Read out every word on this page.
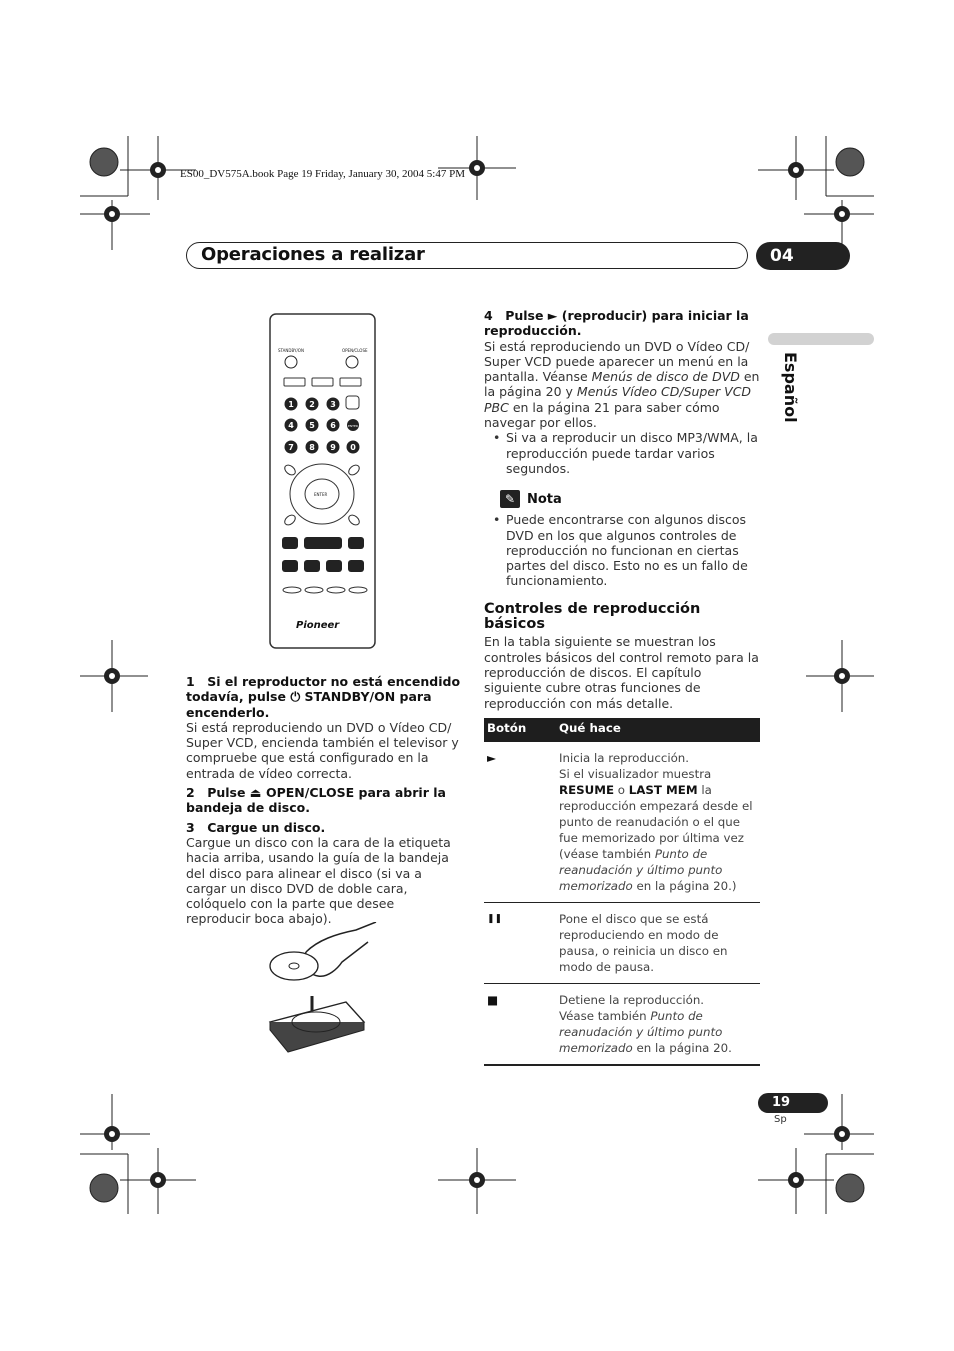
ES00_DV575A.book Page 19 Friday, January 30, 2004 5:47 PM
Operaciones a realizar	04
Español
STANDBY/ON	OPEN/CLOSE
1 2 3
4 5 6
7 8 9 0
ENTER
ENTER
Pioneer

1 Si el reproductor no está encendido todavía, pulse ⏻ STANDBY/ON para encenderlo.

Si está reproduciendo un DVD o Vídeo CD/ Super VCD, encienda también el televisor y compruebe que está configurado en la entrada de vídeo correcta.

2 Pulse ⏏ OPEN/CLOSE para abrir la bandeja de disco.

3 Cargue un disco.

Cargue un disco con la cara de la etiqueta hacia arriba, usando la guía de la bandeja del disco para alinear el disco (si va a cargar un disco DVD de doble cara, colóquelo con la parte que desee reproducir boca abajo).

4 Pulse ► (reproducir) para iniciar la reproducción.

Si está reproduciendo un DVD o Vídeo CD/ Super VCD puede aparecer un menú en la pantalla. Véanse Menús de disco de DVD en la página 20 y Menús Vídeo CD/Super VCD PBC en la página 21 para saber cómo navegar por ellos.

• Si va a reproducir un disco MP3/WMA, la reproducción puede tardar varios segundos.

✎ Nota

• Puede encontrarse con algunos discos DVD en los que algunos controles de reproducción no funcionan en ciertas partes del disco. Esto no es un fallo de funcionamiento.

Controles de reproducción básicos

En la tabla siguiente se muestran los controles básicos del control remoto para la reproducción de discos. El capítulo siguiente cubre otras funciones de reproducción con más detalle.

Botón	Qué hace
►	Inicia la reproducción.
Si el visualizador muestra RESUME o LAST MEM la reproducción empezará desde el punto de reanudación o el que fue memorizado por última vez (véase también Punto de reanudación y último punto memorizado en la página 20.)
❚❚	Pone el disco que se está reproduciendo en modo de pausa, o reinicia un disco en modo de pausa.
■	Detiene la reproducción.
Véase también Punto de reanudación y último punto memorizado en la página 20.
19
Sp
